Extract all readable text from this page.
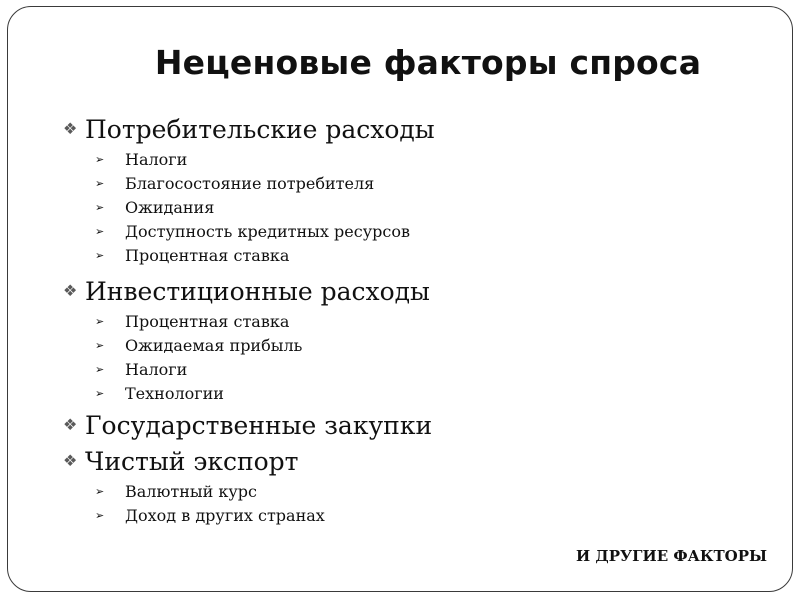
Неценовые факторы спроса
❖ Потребительские расходы
➢	Налоги
➢	Благосостояние потребителя
➢	Ожидания
➢	Доступность кредитных ресурсов
➢	Процентная ставка
❖ Инвестиционные расходы
➢	Процентная ставка
➢	Ожидаемая прибыль
➢	Налоги
➢	Технологии
❖ Государственные закупки
❖ Чистый экспорт
➢	Валютный курс
➢	Доход в других странах
И ДРУГИЕ ФАКТОРЫ
